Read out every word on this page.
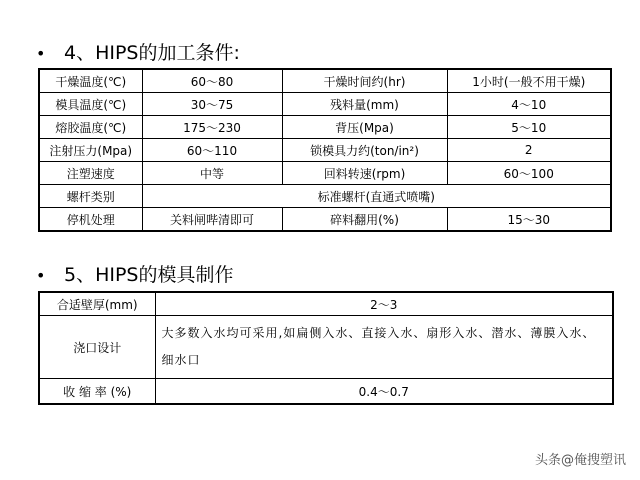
• 4、HIPS的加工条件:
干燥温度(℃)	60～80	干燥时间约(hr)	1小时(一般不用干燥)
模具温度(℃)	30～75	残料量(mm)	4～10
熔胶温度(℃)	175～230	背压(Mpa)	5～10
注射压力(Mpa)	60～110	锁模具力约(ton/in²)	2
注塑速度	中等	回料转速(rpm)	60～100
螺杆类别	标准螺杆(直通式喷嘴)		
停机处理	关料闸哔清即可	碎料翻用(%)	15～30
• 5、HIPS的模具制作
合适壁厚(mm)	2～3
浇口设计	大多数入水均可采用,如扁侧入水、直接入水、扇形入水、潜水、薄膜入水、细水口
收 缩 率 (%)	0.4～0.7
头条@俺搜塑讯
